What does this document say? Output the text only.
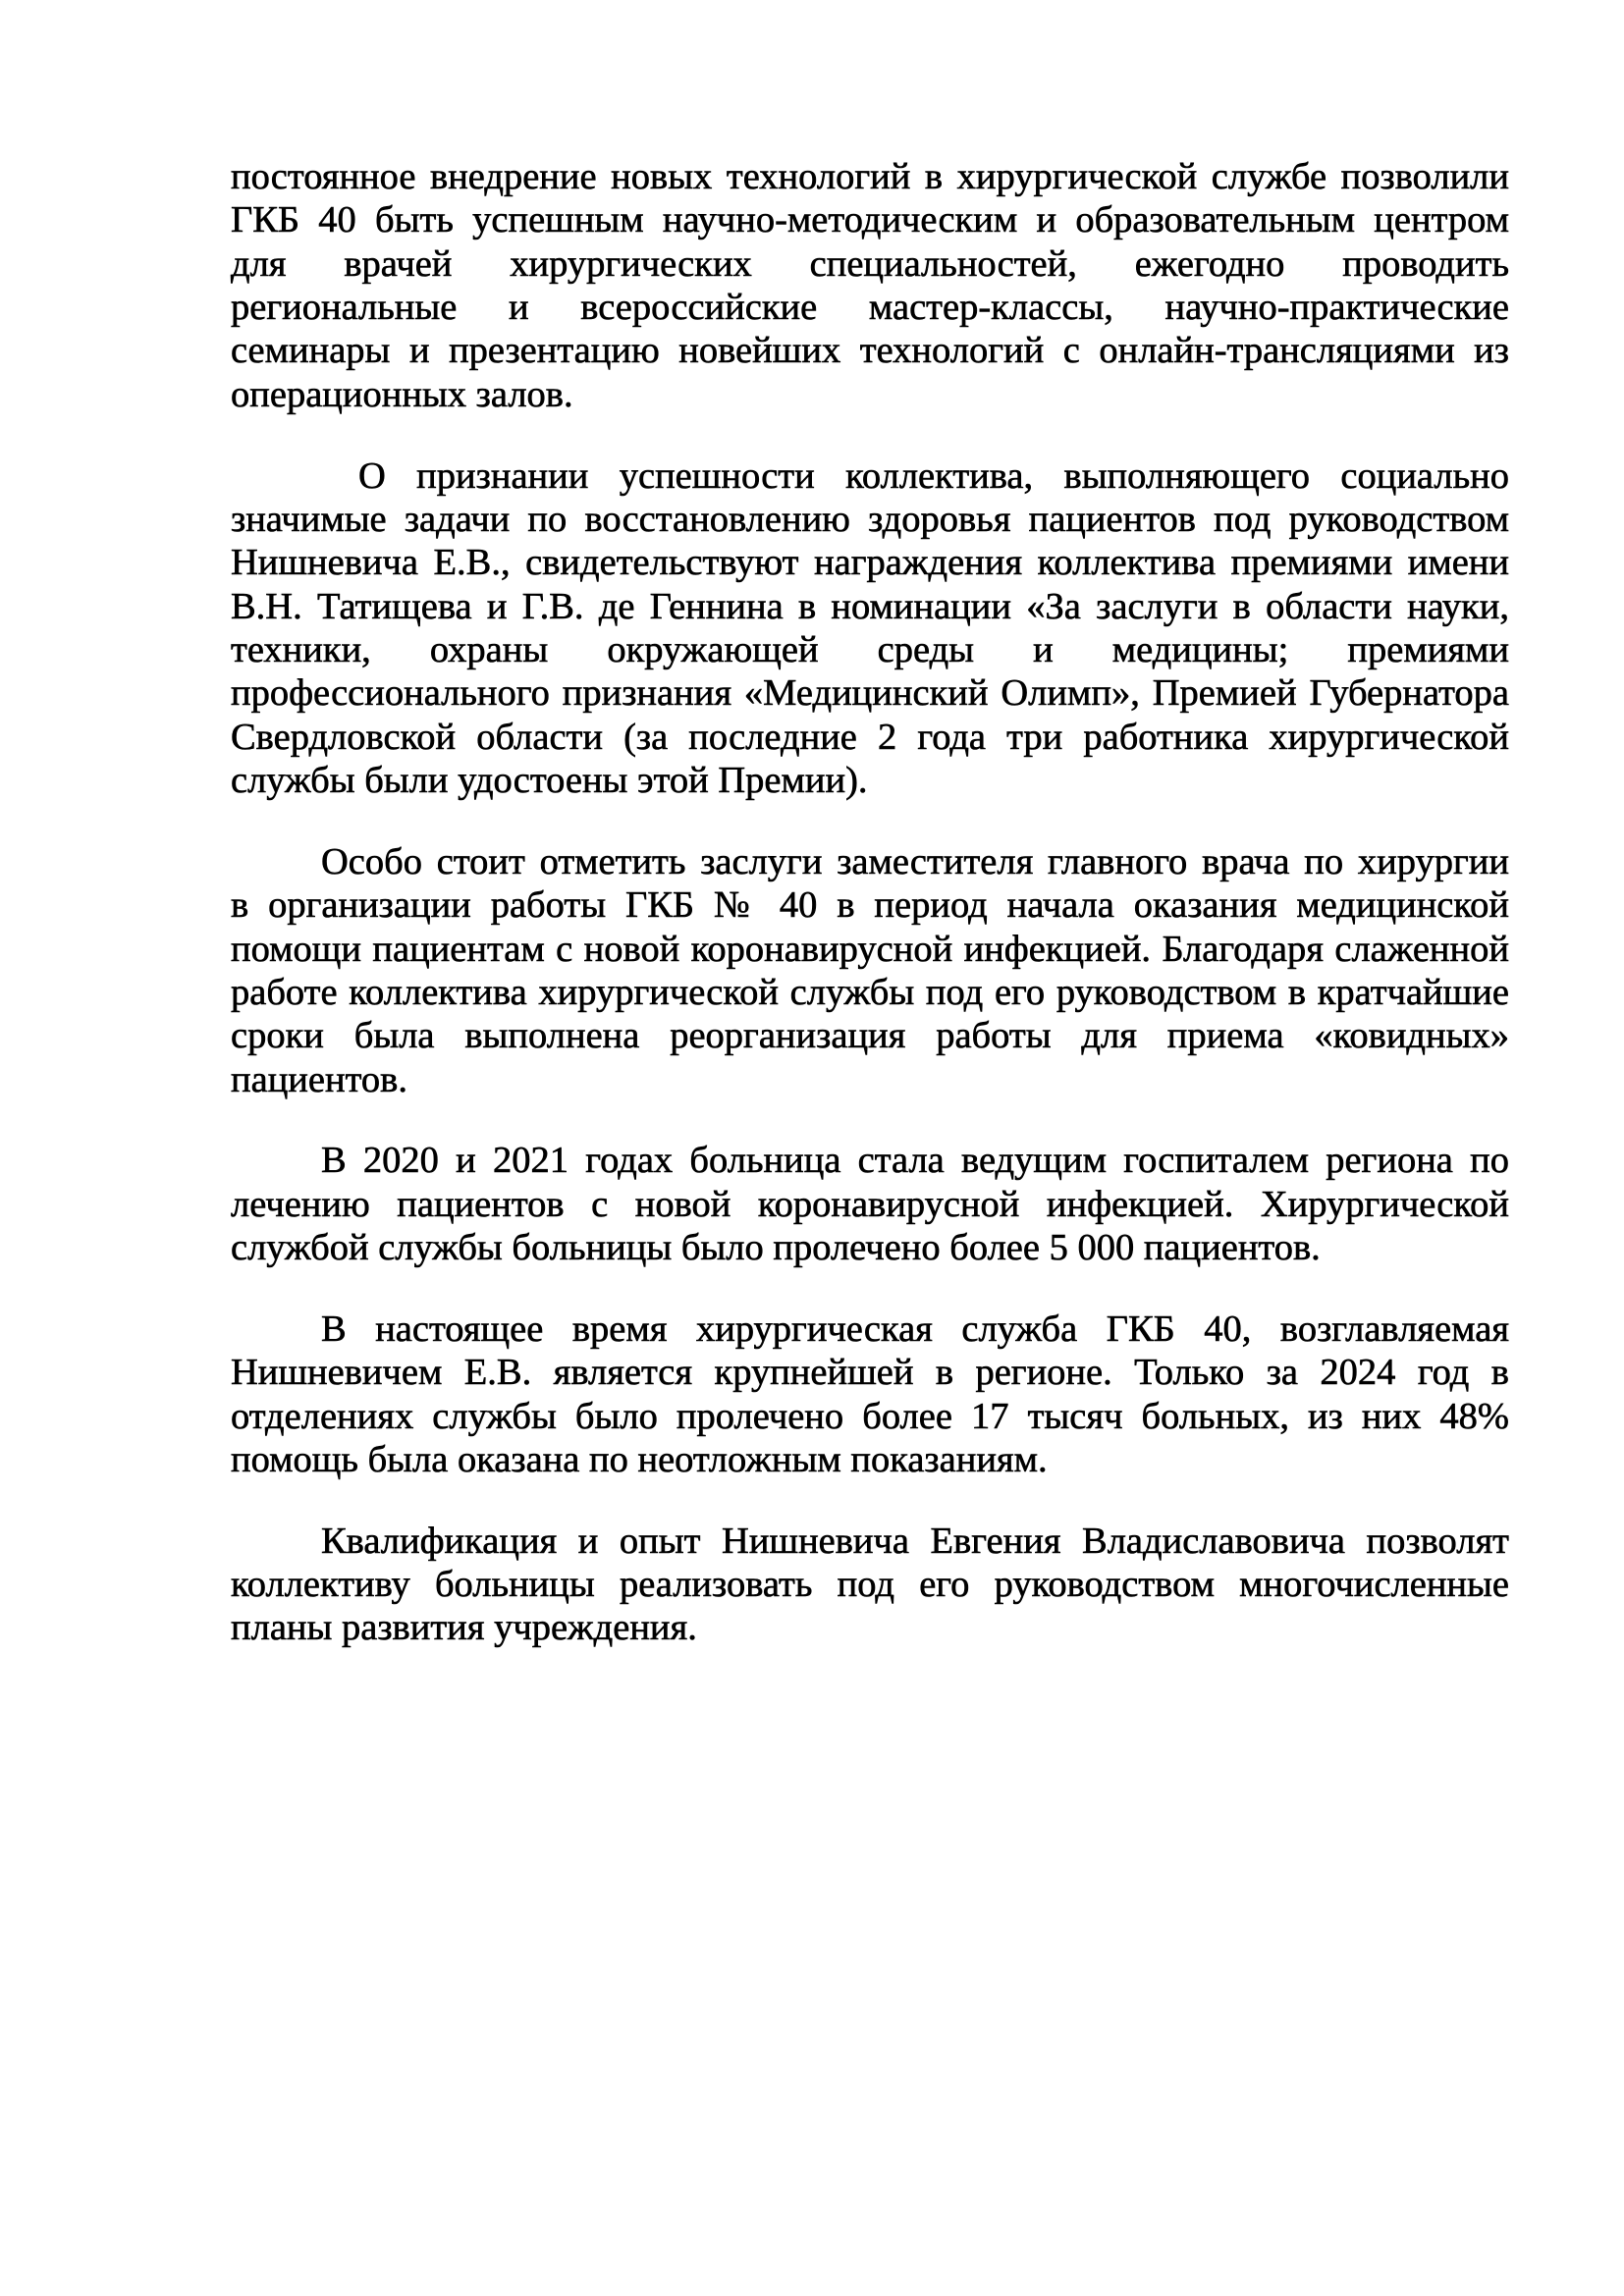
постоянное внедрение новых технологий в хирургической службе позволили
ГКБ 40 быть успешным научно-методическим и образовательным центром
для врачей хирургических специальностей, ежегодно проводить
региональные и всероссийские мастер-классы, научно-практические
семинары и презентацию новейших технологий с онлайн-трансляциями из
операционных залов.

О признании успешности коллектива, выполняющего социально
значимые задачи по восстановлению здоровья пациентов под руководством
Нишневича Е.В., свидетельствуют награждения коллектива премиями имени
В.Н. Татищева и Г.В. де Геннина в номинации «За заслуги в области науки,
техники, охраны окружающей среды и медицины; премиями
профессионального признания «Медицинский Олимп», Премией Губернатора
Свердловской области (за последние 2 года три работника хирургической
службы были удостоены этой Премии).

Особо стоит отметить заслуги заместителя главного врача по хирургии
в организации работы ГКБ № 40 в период начала оказания медицинской
помощи пациентам с новой коронавирусной инфекцией. Благодаря слаженной
работе коллектива хирургической службы под его руководством в кратчайшие
сроки была выполнена реорганизация работы для приема «ковидных»
пациентов.

В 2020 и 2021 годах больница стала ведущим госпиталем региона по
лечению пациентов с новой коронавирусной инфекцией. Хирургической
службой службы больницы было пролечено более 5 000 пациентов.

В настоящее время хирургическая служба ГКБ 40, возглавляемая
Нишневичем Е.В. является крупнейшей в регионе. Только за 2024 год в
отделениях службы было пролечено более 17 тысяч больных, из них 48%
помощь была оказана по неотложным показаниям.

Квалификация и опыт Нишневича Евгения Владиславовича позволят
коллективу больницы реализовать под его руководством многочисленные
планы развития учреждения.
